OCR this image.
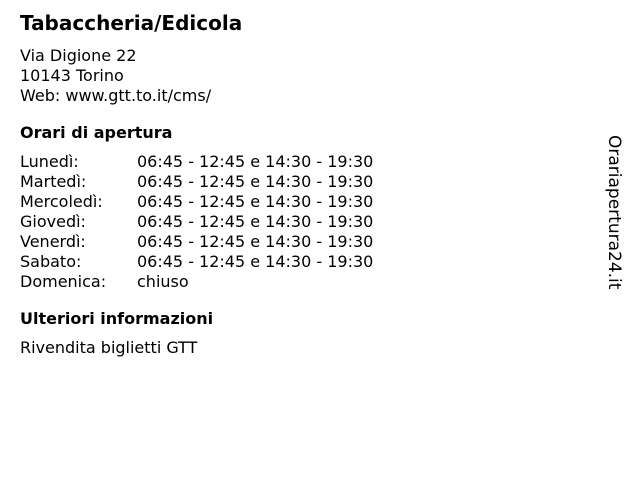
Tabaccheria/Edicola
Via Digione 22
10143 Torino
Web: www.gtt.to.it/cms/
Orari di apertura
Lunedì:	06:45 - 12:45 e 14:30 - 19:30
Martedì:	06:45 - 12:45 e 14:30 - 19:30
Mercoledì: 06:45 - 12:45 e 14:30 - 19:30
Giovedì:	06:45 - 12:45 e 14:30 - 19:30
Venerdì:	06:45 - 12:45 e 14:30 - 19:30
Sabato:	06:45 - 12:45 e 14:30 - 19:30
Domenica: chiuso
Ulteriori informazioni
Rivendita biglietti GTT
Orariapertura24.it
